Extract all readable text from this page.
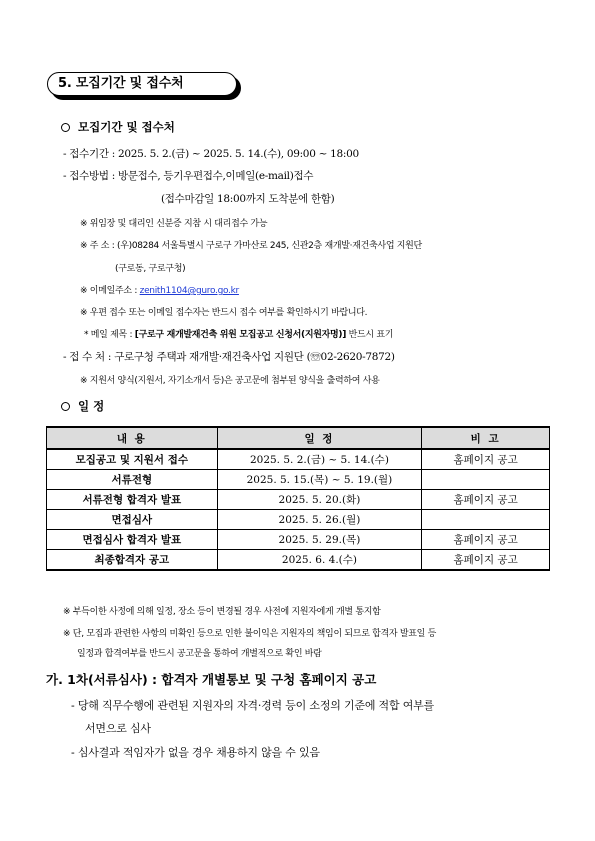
5. 모집기간 및 접수처
모집기간 및 접수처
- 접수기간 : 2025. 5. 2.(금) ~ 2025. 5. 14.(수), 09:00 ~ 18:00
- 접수방법 : 방문접수, 등기우편접수,이메일(e-mail)접수
(접수마감일 18:00까지 도착분에 한함)
※ 위임장 및 대리인 신분증 지참 시 대리접수 가능
※ 주 소 : (우)08284 서울특별시 구로구 가마산로 245, 신관2층 재개발·재건축사업 지원단
(구로동, 구로구청)
※ 이메일주소 : zenith1104@guro.go.kr
※ 우편 접수 또는 이메일 접수자는 반드시 접수 여부를 확인하시기 바랍니다.
* 메일 제목 : [구로구 재개발재건축 위원 모집공고 신청서(지원자명)] 반드시 표기
- 접 수 처 : 구로구청 주택과 재개발·재건축사업 지원단 (☏02-2620-7872)
※ 지원서 양식(지원서, 자기소개서 등)은 공고문에 첨부된 양식을 출력하여 사용
일 정
내 용	일 정	비 고
모집공고 및 지원서 접수	2025. 5. 2.(금) ~ 5. 14.(수)	홈페이지 공고
서류전형	2025. 5. 15.(목) ~ 5. 19.(월)	
서류전형 합격자 발표	2025. 5. 20.(화)	홈페이지 공고
면접심사	2025. 5. 26.(월)	
면접심사 합격자 발표	2025. 5. 29.(목)	홈페이지 공고
최종합격자 공고	2025. 6. 4.(수)	홈페이지 공고
※ 부득이한 사정에 의해 일정, 장소 등이 변경될 경우 사전에 지원자에게 개별 통지함
※ 단, 모집과 관련한 사항의 미확인 등으로 인한 불이익은 지원자의 책임이 되므로 합격자 발표일 등
일정과 합격여부를 반드시 공고문을 통하여 개별적으로 확인 바람
가. 1차(서류심사) : 합격자 개별통보 및 구청 홈페이지 공고
- 당해 직무수행에 관련된 지원자의 자격·경력 등이 소정의 기준에 적합 여부를
서면으로 심사
- 심사결과 적임자가 없을 경우 채용하지 않을 수 있음
